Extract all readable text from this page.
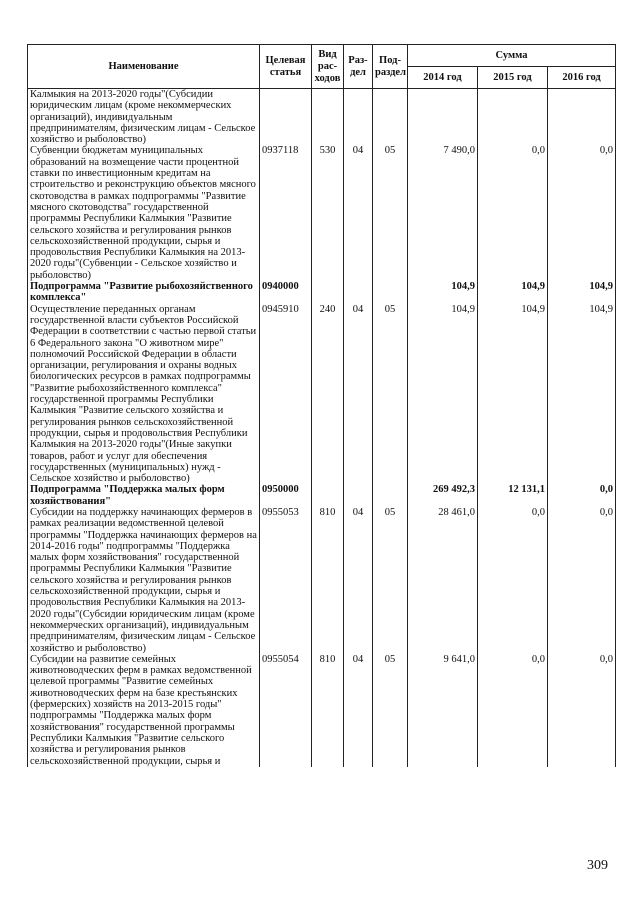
Наименование	Целевая статья	Вид рас-ходов	Раз-дел	Под-раздел	Сумма		
					2014 год	2015 год	2016 год
Калмыкия на 2013-2020 годы"(Субсидии юридическим лицам (кроме некоммерческих организаций), индивидуальным предпринимателям, физическим лицам - Сельское хозяйство и рыболовство)							
Субвенции бюджетам муниципальных образований на возмещение части процентной ставки по инвестиционным кредитам на строительство и реконструкцию объектов мясного скотоводства в рамках подпрограммы "Развитие мясного скотоводства" государственной программы Республики Калмыкия "Развитие сельского хозяйства и регулирования рынков сельскохозяйственной продукции, сырья и продовольствия Республики Калмыкия на 2013-2020 годы"(Субвенции - Сельское хозяйство и рыболовство)	0937118	530	04	05	7 490,0	0,0	0,0
Подпрограмма "Развитие рыбохозяйственного комплекса"	0940000				104,9	104,9	104,9
Осуществление переданных органам государственной власти субъектов Российской Федерации в соответствии с частью первой статьи 6 Федерального закона "О животном мире" полномочий Российской Федерации в области организации, регулирования и охраны водных биологических ресурсов в рамках подпрограммы "Развитие рыбохозяйственного комплекса" государственной программы Республики Калмыкия "Развитие сельского хозяйства и регулирования рынков сельскохозяйственной продукции, сырья и продовольствия Республики Калмыкия на 2013-2020 годы"(Иные закупки товаров, работ и услуг для обеспечения государственных (муниципальных) нужд - Сельское хозяйство и рыболовство)	0945910	240	04	05	104,9	104,9	104,9
Подпрограмма "Поддержка малых форм хозяйствования"	0950000				269 492,3	12 131,1	0,0
Субсидии на поддержку начинающих фермеров в рамках реализации ведомственной целевой программы "Поддержка начинающих фермеров на 2014-2016 годы" подпрограммы "Поддержка малых форм хозяйствования" государственной программы Республики Калмыкия "Развитие сельского хозяйства и регулирования рынков сельскохозяйственной продукции, сырья и продовольствия Республики Калмыкия на 2013-2020 годы"(Субсидии юридическим лицам (кроме некоммерческих организаций), индивидуальным предпринимателям, физическим лицам - Сельское хозяйство и рыболовство)	0955053	810	04	05	28 461,0	0,0	0,0
Субсидии на развитие семейных животноводческих ферм в рамках ведомственной целевой программы "Развитие семейных животноводческих ферм на базе крестьянских (фермерских) хозяйств на 2013-2015 годы" подпрограммы "Поддержка малых форм хозяйствования" государственной программы Республики Калмыкия "Развитие сельского хозяйства и регулирования рынков сельскохозяйственной продукции, сырья и	0955054	810	04	05	9 641,0	0,0	0,0
309
